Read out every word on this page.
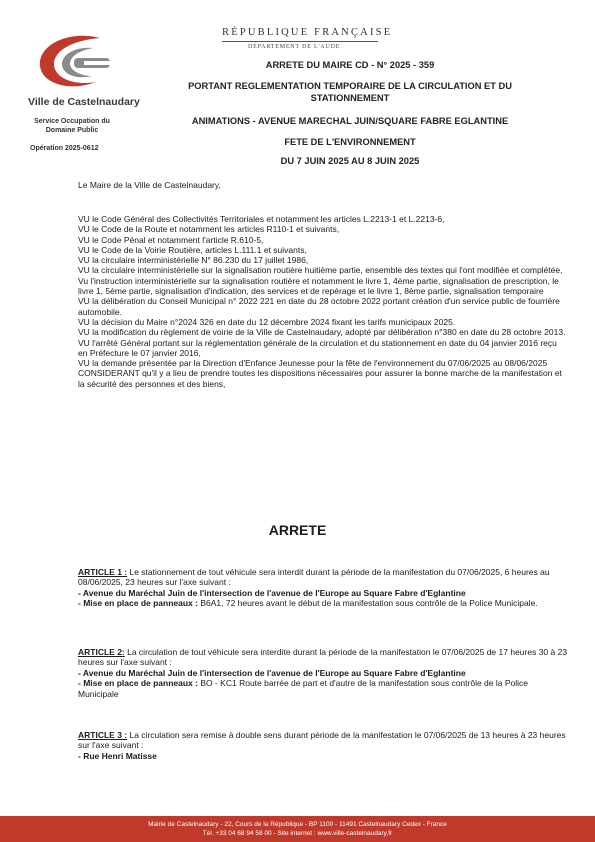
Ville de Castelnaudary
Service Occupation du Domaine Public
Opération 2025-0612
RÉPUBLIQUE FRANÇAISE
DÉPARTEMENT DE L'AUDE
ARRETE DU MAIRE CD - N° 2025 - 359
PORTANT REGLEMENTATION TEMPORAIRE DE LA CIRCULATION ET DU STATIONNEMENT
ANIMATIONS - AVENUE MARECHAL JUIN/SQUARE FABRE EGLANTINE
FETE DE L'ENVIRONNEMENT
DU 7 JUIN 2025 AU 8 JUIN 2025
Le Maire de la Ville de Castelnaudary,

VU le Code Général des Collectivités Territoriales et notamment les articles L.2213-1 et L.2213-6,

VU le Code de la Route et notamment les articles R110-1 et suivants,

VU le Code Pénal et notamment l'article R.610-5,

VU le Code de la Voirie Routière, articles L.111.1 et suivants,

VU la circulaire interministérielle N° 86.230 du 17 juillet 1986,

VU la circulaire interministérielle sur la signalisation routière huitième partie, ensemble des textes qui l'ont modifiée et complétée,

Vu l'instruction interministérielle sur la signalisation routière et notamment le livre 1, 4ème partie, signalisation de prescription, le livre 1, 5ème partie, signalisation d'indication, des services et de repérage et le livre 1, 8ème partie, signalisation temporaire

VU la délibération du Conseil Municipal n° 2022 221 en date du 28 octobre 2022 portant création d'un service public de fourrière automobile.

VU la décision du Maire n°2024 326 en date du 12 décembre 2024 fixant les tarifs municipaux 2025.

VU la modification du règlement de voirie de la Ville de Castelnaudary, adopté par délibération n°380 en date du 28 octobre 2013.

VU l'arrêté Général portant sur la réglementation générale de la circulation et du stationnement en date du 04 janvier 2016 reçu en Préfecture le 07 janvier 2016,

VU la demande présentée par la Direction d'Enfance Jeunesse pour la fête de l'environnement du 07/06/2025 au 08/06/2025

CONSIDERANT qu'il y a lieu de prendre toutes les dispositions nécessaires pour assurer la bonne marche de la manifestation et la sécurité des personnes et des biens,

ARRETE

ARTICLE 1 : Le stationnement de tout véhicule sera interdit durant la période de la manifestation du 07/06/2025, 6 heures au 08/06/2025, 23 heures sur l'axe suivant :

- Avenue du Maréchal Juin de l'intersection de l'avenue de l'Europe au Square Fabre d'Eglantine

- Mise en place de panneaux : B6A1, 72 heures avant le début de la manifestation sous contrôle de la Police Municipale.

ARTICLE 2: La circulation de tout véhicule sera interdite durant la période de la manifestation le 07/06/2025 de 17 heures 30 à 23 heures sur l'axe suivant :

- Avenue du Maréchal Juin de l'intersection de l'avenue de l'Europe au Square Fabre d'Eglantine

- Mise en place de panneaux : BO - KC1 Route barrée de part et d'autre de la manifestation sous contrôle de la Police Municipale

ARTICLE 3 : La circulation sera remise à double sens durant période de la manifestation le 07/06/2025 de 13 heures à 23 heures sur l'axe suivant :

- Rue Henri Matisse

Mairie de Castelnaudary - 22, Cours de la République - BP 1100 - 11491 Castelnaudary Cedex - France
Tél. +33 04 68 94 58 00 - Site internet : www.ville-castelnaudary.fr
